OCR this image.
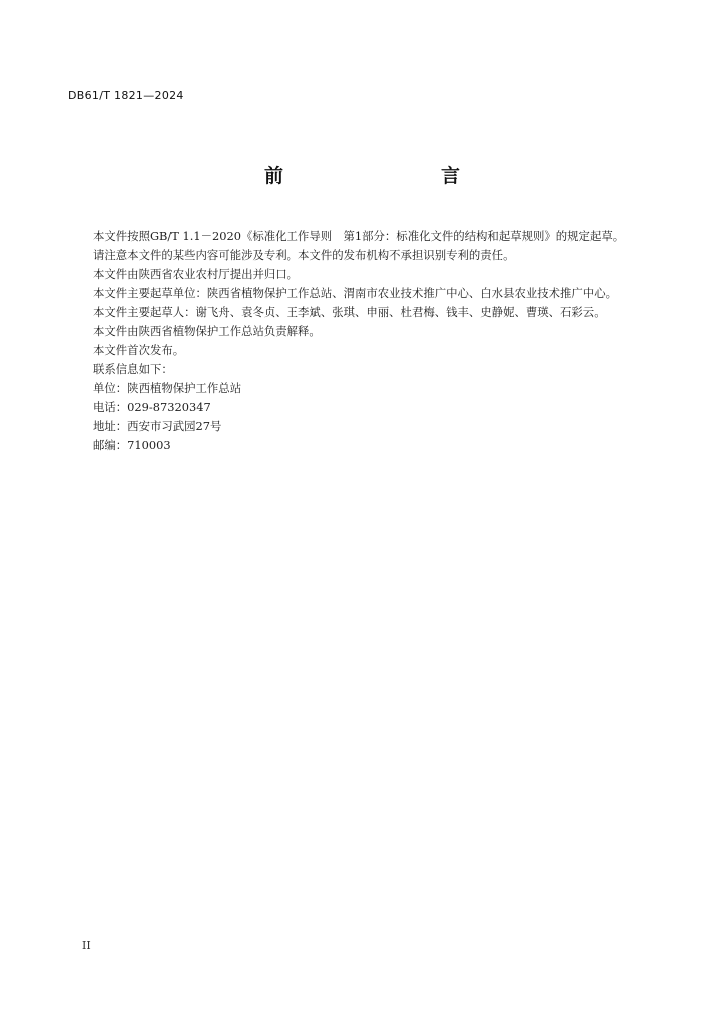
DB61/T 1821—2024
前　　言

本文件按照GB/T 1.1－2020《标准化工作导则　第1部分：标准化文件的结构和起草规则》的规定起草。

请注意本文件的某些内容可能涉及专利。本文件的发布机构不承担识别专利的责任。

本文件由陕西省农业农村厅提出并归口。

本文件主要起草单位：陕西省植物保护工作总站、渭南市农业技术推广中心、白水县农业技术推广中心。

本文件主要起草人：谢飞舟、袁冬贞、王李斌、张琪、申丽、杜君梅、钱丰、史静妮、曹瑛、石彩云。

本文件由陕西省植物保护工作总站负责解释。

本文件首次发布。

联系信息如下：

单位：陕西植物保护工作总站

电话：029-87320347

地址：西安市习武园27号

邮编：710003

II
